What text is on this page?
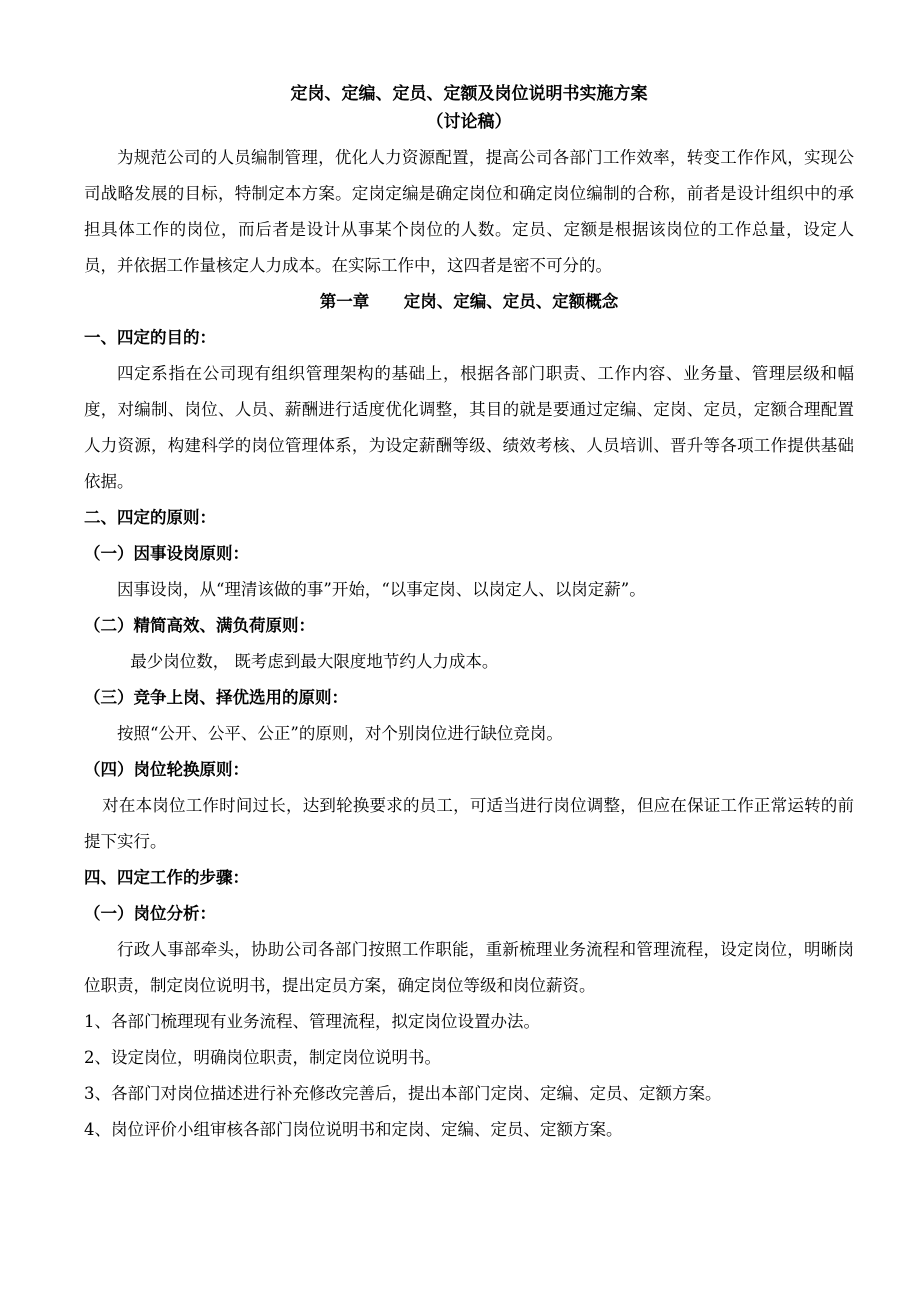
定岗、定编、定员、定额及岗位说明书实施方案

（讨论稿）

为规范公司的人员编制管理，优化人力资源配置，提高公司各部门工作效率，转变工作作风，实现公司战略发展的目标，特制定本方案。定岗定编是确定岗位和确定岗位编制的合称，前者是设计组织中的承担具体工作的岗位，而后者是设计从事某个岗位的人数。定员、定额是根据该岗位的工作总量，设定人员，并依据工作量核定人力成本。在实际工作中，这四者是密不可分的。

第一章      定岗、定编、定员、定额概念

一、四定的目的：

四定系指在公司现有组织管理架构的基础上，根据各部门职责、工作内容、业务量、管理层级和幅度，对编制、岗位、人员、薪酬进行适度优化调整，其目的就是要通过定编、定岗、定员，定额合理配置人力资源，构建科学的岗位管理体系，为设定薪酬等级、绩效考核、人员培训、晋升等各项工作提供基础依据。

二、四定的原则：

（一）因事设岗原则：

因事设岗，从“理清该做的事”开始，“以事定岗、以岗定人、以岗定薪”。

（二）精简高效、满负荷原则：

最少岗位数， 既考虑到最大限度地节约人力成本。

（三）竞争上岗、择优选用的原则：

按照“公开、公平、公正”的原则，对个别岗位进行缺位竞岗。

（四）岗位轮换原则：

对在本岗位工作时间过长，达到轮换要求的员工，可适当进行岗位调整，但应在保证工作正常运转的前提下实行。

四、四定工作的步骤：

（一）岗位分析：

行政人事部牵头，协助公司各部门按照工作职能，重新梳理业务流程和管理流程，设定岗位，明晰岗位职责，制定岗位说明书，提出定员方案，确定岗位等级和岗位薪资。

1、各部门梳理现有业务流程、管理流程，拟定岗位设置办法。

2、设定岗位，明确岗位职责，制定岗位说明书。

3、各部门对岗位描述进行补充修改完善后，提出本部门定岗、定编、定员、定额方案。

4、岗位评价小组审核各部门岗位说明书和定岗、定编、定员、定额方案。
